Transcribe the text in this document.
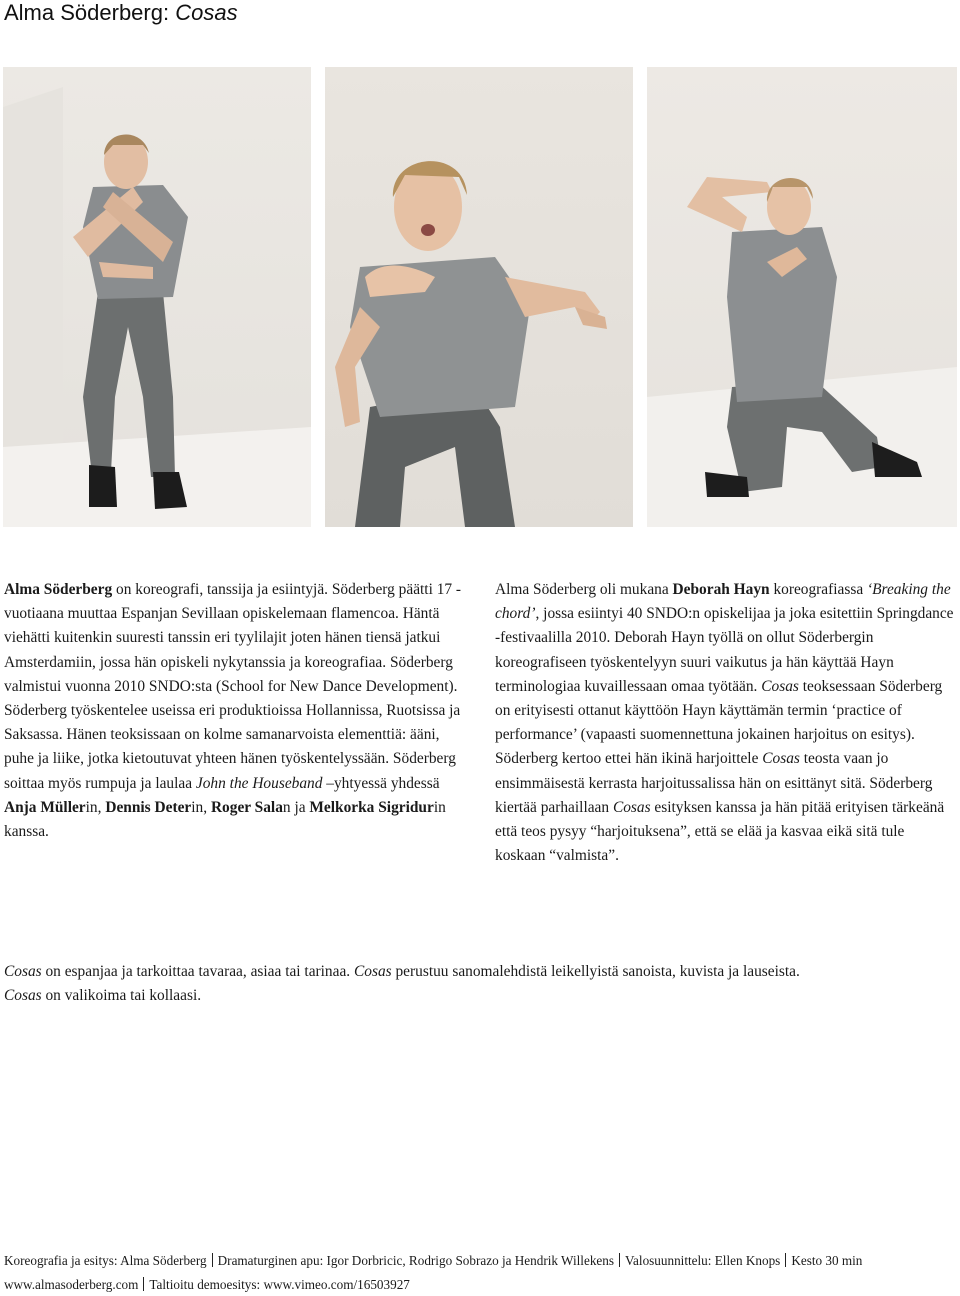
Alma Söderberg: Cosas

Alma Söderberg on koreografi, tanssija ja esiintyjä. Söderberg päätti 17 -vuotiaana muuttaa Espanjan Sevillaan opiskelemaan flamencoa. Häntä viehätti kuitenkin suuresti tanssin eri tyylilajit joten hänen tiensä jatkui Amsterdamiin, jossa hän opiskeli nykytanssia ja koreografiaa. Söderberg valmistui vuonna 2010 SNDO:sta (School for New Dance Development). Söderberg työskentelee useissa eri produktioissa Hollannissa, Ruotsissa ja Saksassa. Hänen teoksissaan on kolme samanarvoista elementtiä: ääni, puhe ja liike, jotka kietoutuvat yhteen hänen työskentelyssään. Söderberg soittaa myös rumpuja ja laulaa John the Houseband –yhtyessä yhdessä Anja Müllerin, Dennis Deterin, Roger Salan ja Melkorka Sigridurin kanssa.

Alma Söderberg oli mukana Deborah Hayn koreografiassa ‘Breaking the chord’, jossa esiintyi 40 SNDO:n opiskelijaa ja joka esitettiin Springdance -festivaalilla 2010. Deborah Hayn työllä on ollut Söderbergin koreografiseen työskentelyyn suuri vaikutus ja hän käyttää Hayn terminologiaa kuvaillessaan omaa työtään. Cosas teoksessaan Söderberg on erityisesti ottanut käyttöön Hayn käyttämän termin ‘practice of performance’ (vapaasti suomennettuna jokainen harjoitus on esitys). Söderberg kertoo ettei hän ikinä harjoittele Cosas teosta vaan jo ensimmäisestä kerrasta harjoitussalissa hän on esittänyt sitä. Söderberg kiertää parhaillaan Cosas esityksen kanssa ja hän pitää erityisen tärkeänä että teos pysyy “harjoituksena”, että se elää ja kasvaa eikä sitä tule koskaan “valmista”.

Cosas on espanjaa ja tarkoittaa tavaraa, asiaa tai tarinaa. Cosas perustuu sanomalehdistä leikellyistä sanoista, kuvista ja lauseista.
Cosas on valikoima tai kollaasi.
Koreografia ja esitys: Alma Söderberg Dramaturginen apu: Igor Dorbricic, Rodrigo Sobrazo ja Hendrik Willekens Valosuunnittelu: Ellen Knops Kesto 30 min
www.almasoderberg.com Taltioitu demoesitys: www.vimeo.com/16503927
